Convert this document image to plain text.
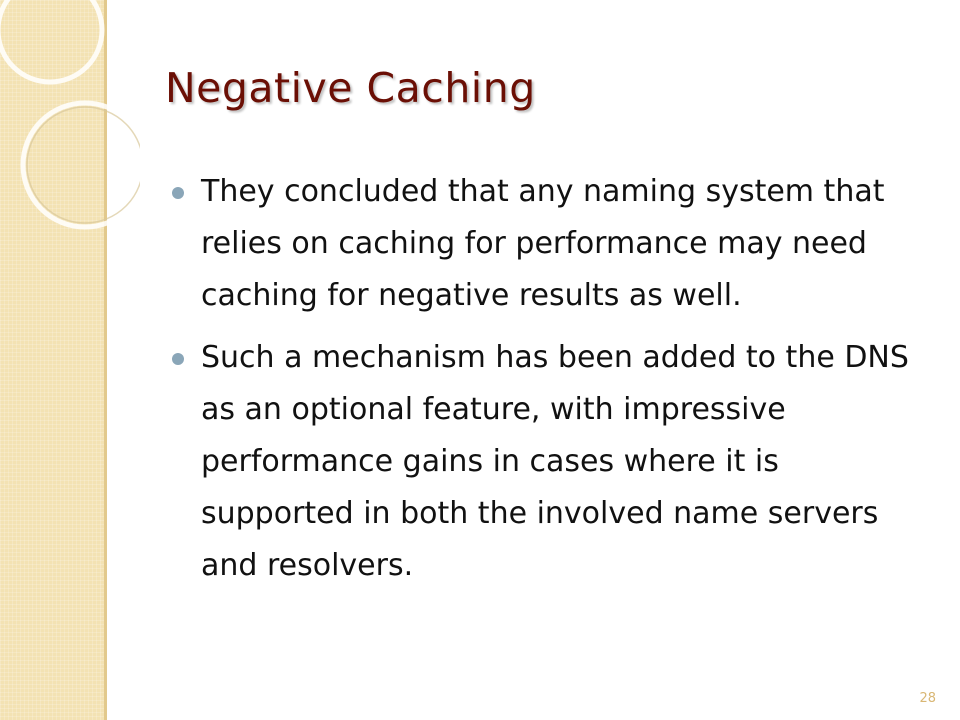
Negative Caching
They concluded that any naming system that relies on caching for performance may need caching for negative results as well.
Such a mechanism has been added to the DNS as an optional feature, with impressive performance gains in cases where it is supported in both the involved name servers and resolvers.
28
